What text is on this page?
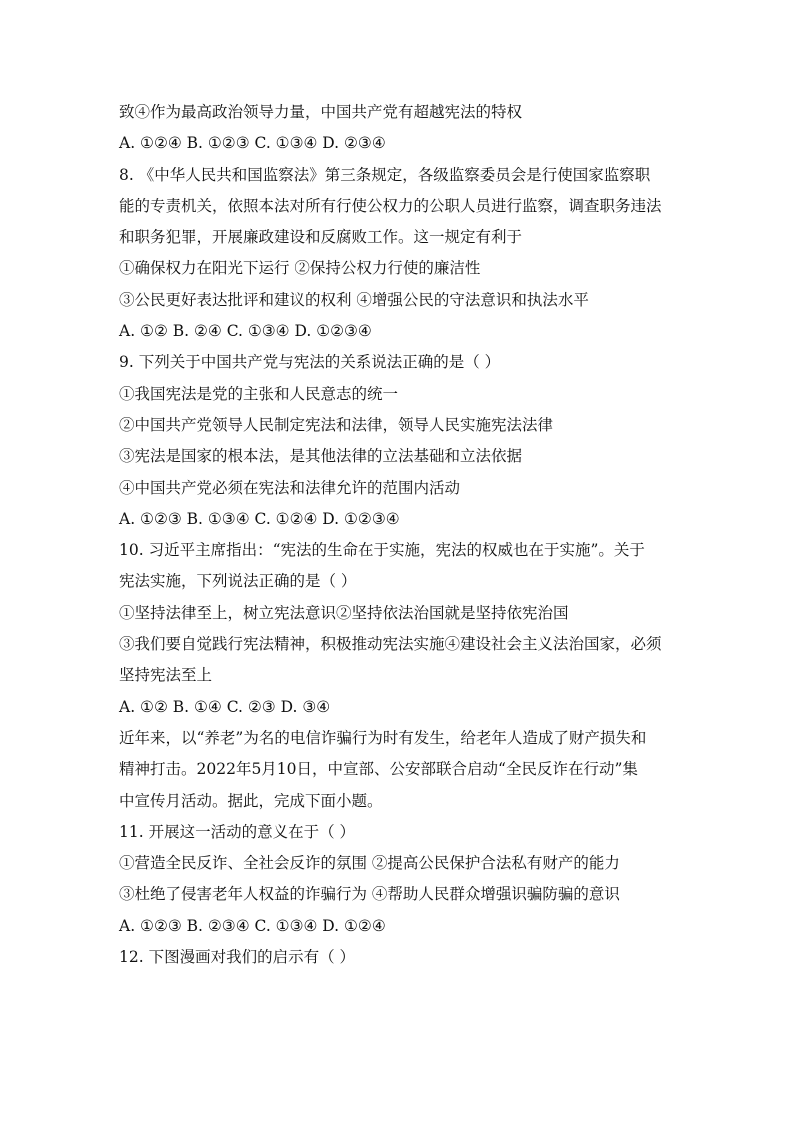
致④作为最高政治领导力量，中国共产党有超越宪法的特权
A. ①②④ B. ①②③ C. ①③④ D. ②③④
8. 《中华人民共和国监察法》第三条规定，各级监察委员会是行使国家监察职
能的专责机关，依照本法对所有行使公权力的公职人员进行监察，调查职务违法
和职务犯罪，开展廉政建设和反腐败工作。这一规定有利于
①确保权力在阳光下运行 ②保持公权力行使的廉洁性
③公民更好表达批评和建议的权利 ④增强公民的守法意识和执法水平
A. ①② B. ②④ C. ①③④ D. ①②③④
9. 下列关于中国共产党与宪法的关系说法正确的是（ ）
①我国宪法是党的主张和人民意志的统一
②中国共产党领导人民制定宪法和法律，领导人民实施宪法法律
③宪法是国家的根本法，是其他法律的立法基础和立法依据
④中国共产党必须在宪法和法律允许的范围内活动
A. ①②③ B. ①③④ C. ①②④ D. ①②③④
10. 习近平主席指出：“宪法的生命在于实施，宪法的权威也在于实施”。关于
宪法实施，下列说法正确的是（ ）
①坚持法律至上，树立宪法意识②坚持依法治国就是坚持依宪治国
③我们要自觉践行宪法精神，积极推动宪法实施④建设社会主义法治国家，必须
坚持宪法至上
A. ①② B. ①④ C. ②③ D. ③④
近年来，以“养老”为名的电信诈骗行为时有发生，给老年人造成了财产损失和
精神打击。2022年5月10日，中宣部、公安部联合启动“全民反诈在行动”集
中宣传月活动。据此，完成下面小题。
11. 开展这一活动的意义在于（ ）
①营造全民反诈、全社会反诈的氛围 ②提高公民保护合法私有财产的能力
③杜绝了侵害老年人权益的诈骗行为 ④帮助人民群众增强识骗防骗的意识
A. ①②③ B. ②③④ C. ①③④ D. ①②④
12. 下图漫画对我们的启示有（ ）
